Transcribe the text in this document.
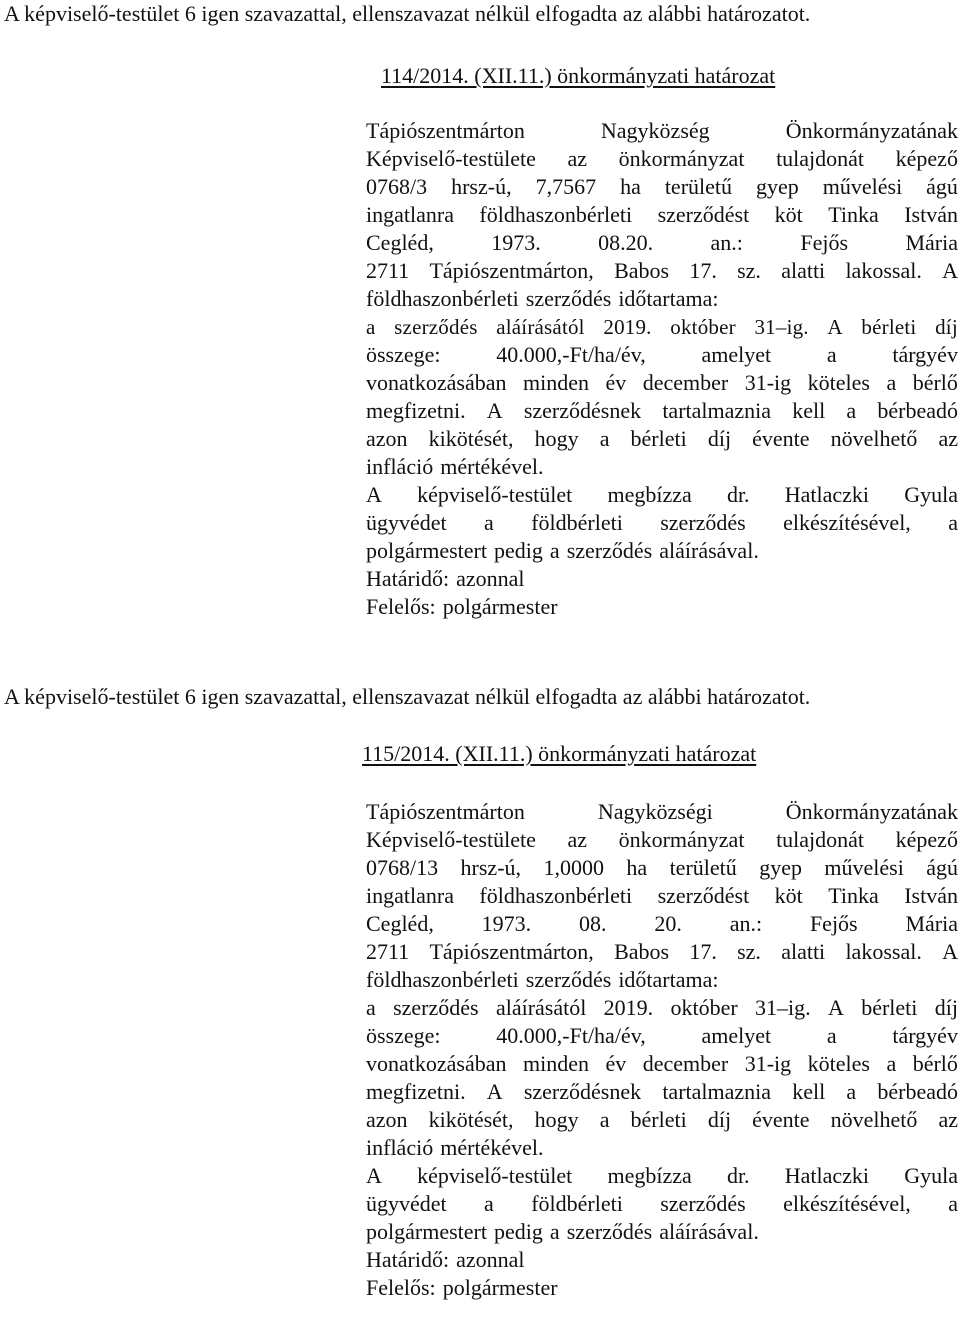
A képviselő-testület 6 igen szavazattal, ellenszavazat nélkül elfogadta az alábbi határozatot.
114/2014. (XII.11.) önkormányzati határozat
Tápiószentmárton	Nagyközség	Önkormányzatának
Képviselő-testülete az önkormányzat tulajdonát képező
0768/3 hrsz-ú, 7,7567 ha területű gyep művelési ágú
ingatlanra földhaszonbérleti szerződést köt Tinka István
Cegléd,	1973.	08.20.	an.:	Fejős	Mária
2711 Tápiószentmárton, Babos 17. sz. alatti lakossal. A
földhaszonbérleti szerződés időtartama:
a szerződés aláírásától 2019. október 31–ig. A bérleti díj
összege:	40.000,-Ft/ha/év,	amelyet	a	tárgyév
vonatkozásában minden év december 31-ig köteles a bérlő
megfizetni. A szerződésnek tartalmaznia kell a bérbeadó
azon kikötését, hogy a bérleti díj évente növelhető az
infláció mértékével.
A képviselő-testület megbízza dr. Hatlaczki Gyula
ügyvédet a földbérleti szerződés elkészítésével, a
polgármestert pedig a szerződés aláírásával.
Határidő: azonnal
Felelős: polgármester
A képviselő-testület 6 igen szavazattal, ellenszavazat nélkül elfogadta az alábbi határozatot.
115/2014. (XII.11.) önkormányzati határozat
Tápiószentmárton	Nagyközségi	Önkormányzatának
Képviselő-testülete az önkormányzat tulajdonát képező
0768/13 hrsz-ú, 1,0000 ha területű gyep művelési ágú
ingatlanra földhaszonbérleti szerződést köt Tinka István
Cegléd, 1973. 08. 20. an.: Fejős Mária
2711 Tápiószentmárton, Babos 17. sz. alatti lakossal. A
földhaszonbérleti szerződés időtartama:
a szerződés aláírásától 2019. október 31–ig. A bérleti díj
összege:	40.000,-Ft/ha/év,	amelyet	a	tárgyév
vonatkozásában minden év december 31-ig köteles a bérlő
megfizetni. A szerződésnek tartalmaznia kell a bérbeadó
azon kikötését, hogy a bérleti díj évente növelhető az
infláció mértékével.
A képviselő-testület megbízza dr. Hatlaczki Gyula
ügyvédet a földbérleti szerződés elkészítésével, a
polgármestert pedig a szerződés aláírásával.
Határidő: azonnal
Felelős: polgármester
